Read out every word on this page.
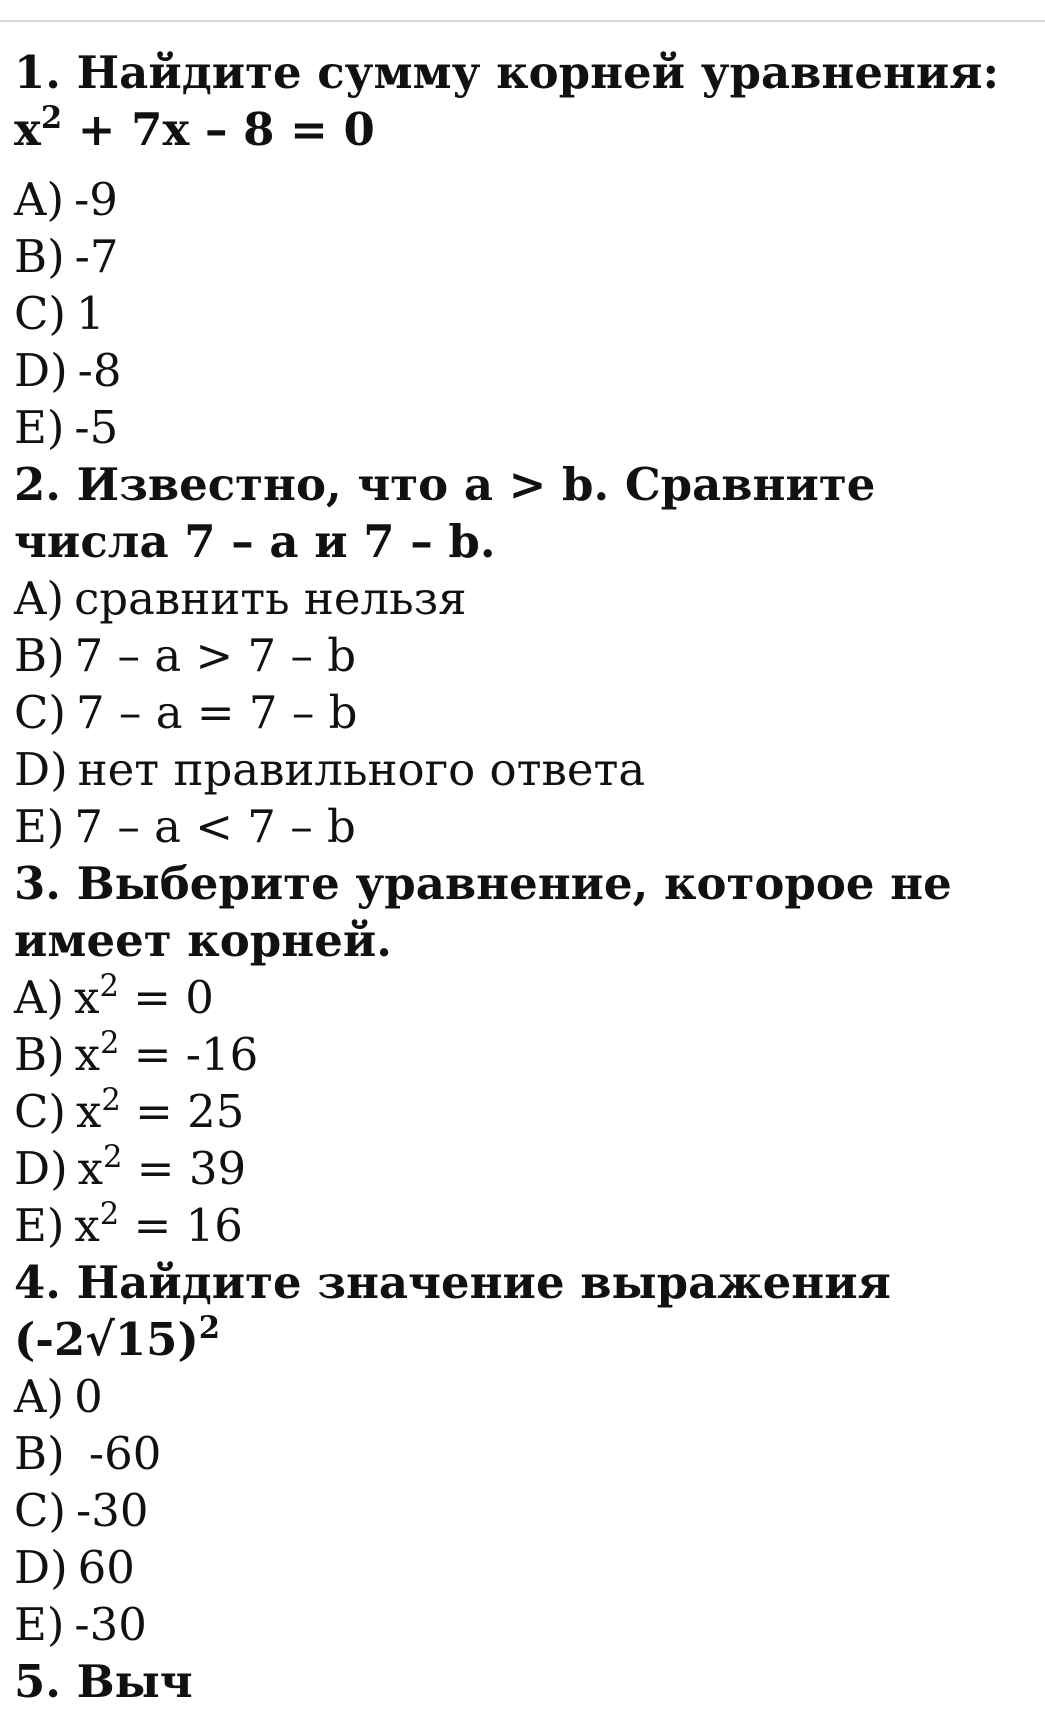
1. Найдите сумму корней уравнения: $x^2 + 7x - 8 = 0$

A) -9
B) -7
C) 1
D) -8
E) -5

2. Известно, что a > b. Сравните числа 7 – a и 7 – b.

A) сравнить нельзя
B) 7 – a > 7 – b
C) 7 – a = 7 – b
D) нет правильного ответа
E) 7 – a < 7 – b

3. Выберите уравнение, которое не имеет корней.

A) $x^2 = 0$
B) $x^2 = -16$
C) $x^2 = 25$
D) $x^2 = 39$
E) $x^2 = 16$

4. Найдите значение выражения $(-2√15)^2$

A) 0
B) -60
C) -30
D) 60
E) -30

5. Выч
